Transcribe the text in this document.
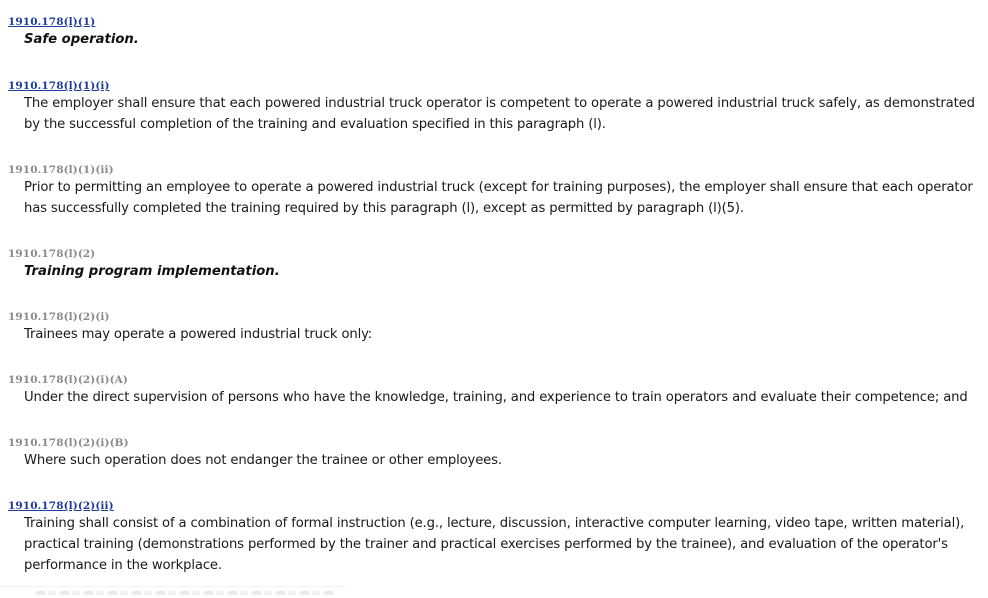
1910.178(l)(1)
Safe operation.
1910.178(l)(1)(i)
The employer shall ensure that each powered industrial truck operator is competent to operate a powered industrial truck safely, as demonstrated by the successful completion of the training and evaluation specified in this paragraph (l).
1910.178(l)(1)(ii)
Prior to permitting an employee to operate a powered industrial truck (except for training purposes), the employer shall ensure that each operator has successfully completed the training required by this paragraph (l), except as permitted by paragraph (l)(5).
1910.178(l)(2)
Training program implementation.
1910.178(l)(2)(i)
Trainees may operate a powered industrial truck only:
1910.178(l)(2)(i)(A)
Under the direct supervision of persons who have the knowledge, training, and experience to train operators and evaluate their competence; and
1910.178(l)(2)(i)(B)
Where such operation does not endanger the trainee or other employees.
1910.178(l)(2)(ii)
Training shall consist of a combination of formal instruction (e.g., lecture, discussion, interactive computer learning, video tape, written material), practical training (demonstrations performed by the trainer and practical exercises performed by the trainee), and evaluation of the operator's performance in the workplace.
